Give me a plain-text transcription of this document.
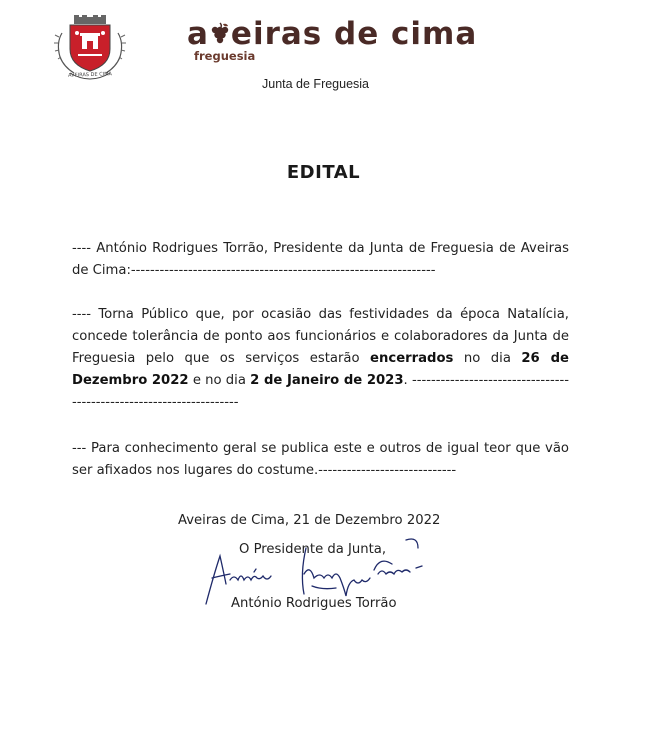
AVEIRAS DE CIMA
a eiras de cima
freguesia
Junta de Freguesia
EDITAL
---- António Rodrigues Torrão, Presidente da Junta de Freguesia de Aveiras de Cima:----------------------------------------------------------------
---- Torna Público que, por ocasião das festividades da época Natalícia, concede tolerância de ponto aos funcionários e colaboradores da Junta de Freguesia pelo que os serviços estarão encerrados no dia 26 de Dezembro 2022 e no dia 2 de Janeiro de 2023. --------------------------------------------------------------------
--- Para conhecimento geral se publica este e outros de igual teor que vão ser afixados nos lugares do costume.-----------------------------
Aveiras de Cima, 21 de Dezembro 2022
O Presidente da Junta,
António Rodrigues Torrão
